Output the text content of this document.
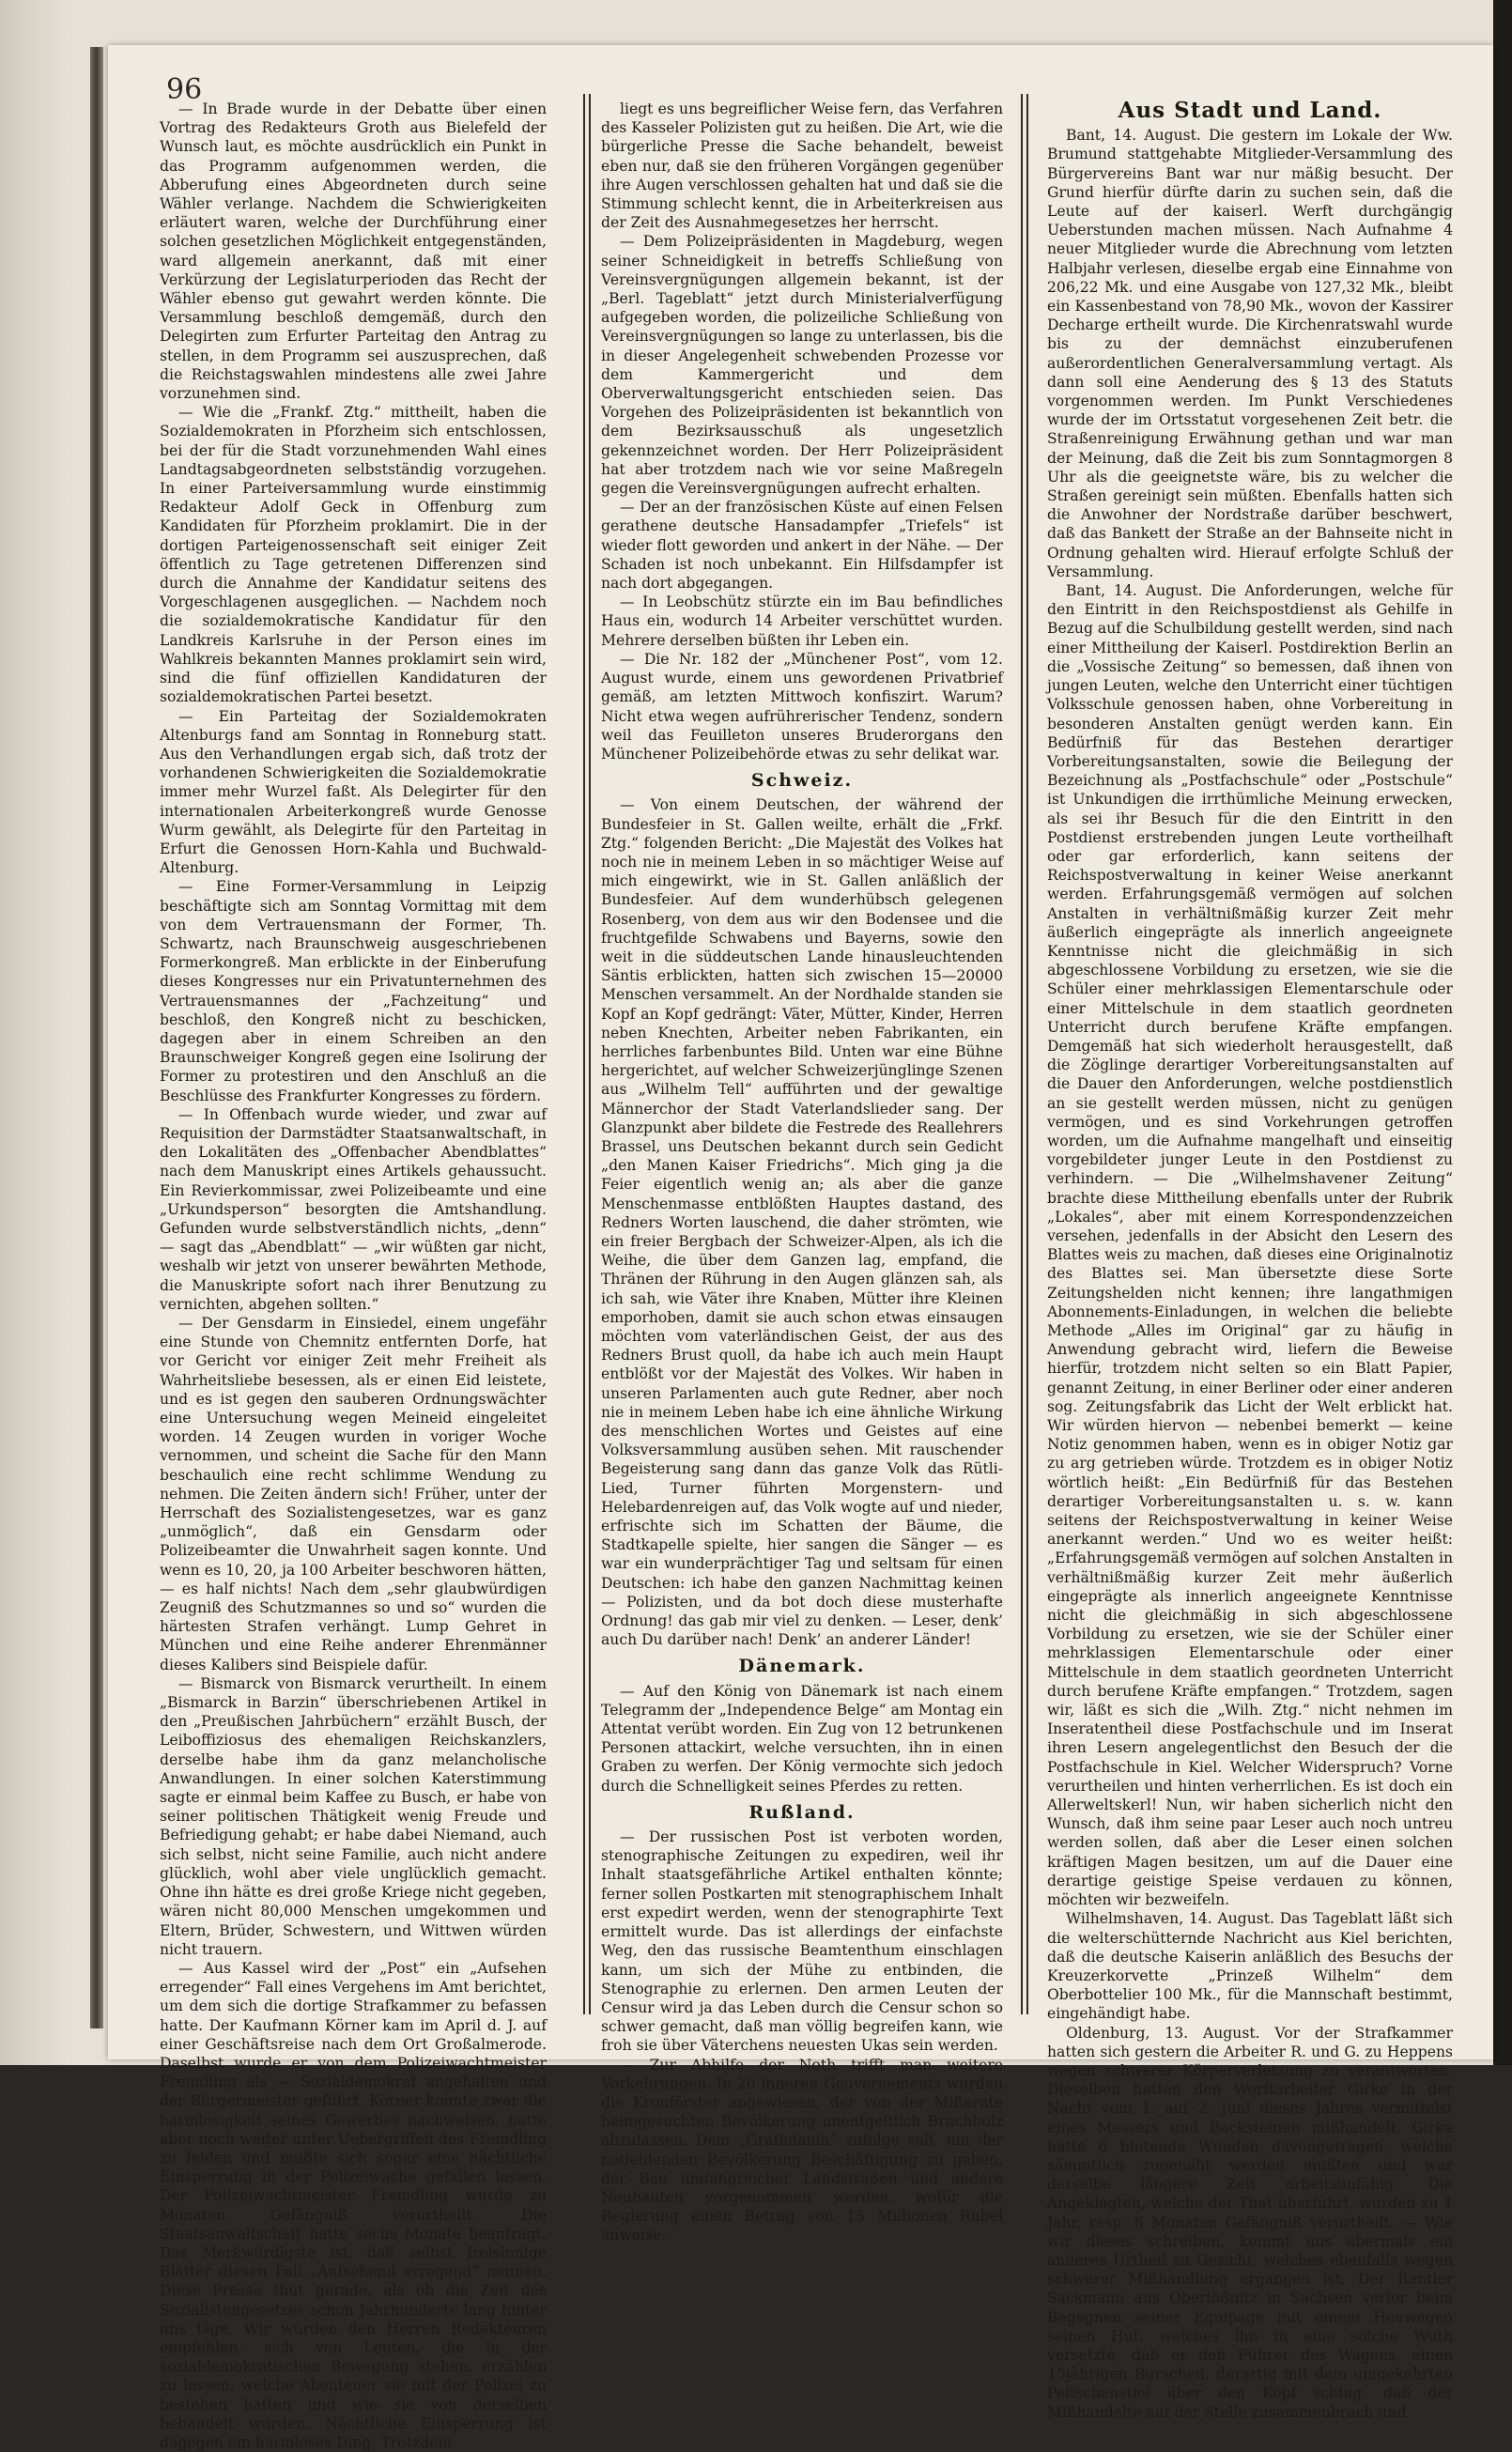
96

— In Brade wurde in der Debatte über einen Vortrag des Redakteurs Groth aus Bielefeld der Wunsch laut, es möchte ausdrücklich ein Punkt in das Programm aufgenommen werden, die Abberufung eines Abgeordneten durch seine Wähler verlange. Nachdem die Schwierigkeiten erläutert waren, welche der Durchführung einer solchen gesetzlichen Möglichkeit entgegenständen, ward allgemein anerkannt, daß mit einer Verkürzung der Legislaturperioden das Recht der Wähler ebenso gut gewahrt werden könnte. Die Versammlung beschloß demgemäß, durch den Delegirten zum Erfurter Parteitag den Antrag zu stellen, in dem Programm sei auszusprechen, daß die Reichstagswahlen mindestens alle zwei Jahre vorzunehmen sind.

— Wie die „Frankf. Ztg.“ mittheilt, haben die Sozialdemokraten in Pforzheim sich entschlossen, bei der für die Stadt vorzunehmenden Wahl eines Landtagsabgeordneten selbstständig vorzugehen. In einer Parteiversammlung wurde einstimmig Redakteur Adolf Geck in Offenburg zum Kandidaten für Pforzheim proklamirt. Die in der dortigen Parteigenossenschaft seit einiger Zeit öffentlich zu Tage getretenen Differenzen sind durch die Annahme der Kandidatur seitens des Vorgeschlagenen ausgeglichen. — Nachdem noch die sozialdemokratische Kandidatur für den Landkreis Karlsruhe in der Person eines im Wahlkreis bekannten Mannes proklamirt sein wird, sind die fünf offiziellen Kandidaturen der sozialdemokratischen Partei besetzt.

— Ein Parteitag der Sozialdemokraten Altenburgs fand am Sonntag in Ronneburg statt. Aus den Verhandlungen ergab sich, daß trotz der vorhandenen Schwierigkeiten die Sozialdemokratie immer mehr Wurzel faßt. Als Delegirter für den internationalen Arbeiterkongreß wurde Genosse Wurm gewählt, als Delegirte für den Parteitag in Erfurt die Genossen Horn-Kahla und Buchwald-Altenburg.

— Eine Former-Versammlung in Leipzig beschäftigte sich am Sonntag Vormittag mit dem von dem Vertrauensmann der Former, Th. Schwartz, nach Braunschweig ausgeschriebenen Formerkongreß. Man erblickte in der Einberufung dieses Kongresses nur ein Privatunternehmen des Vertrauensmannes der „Fachzeitung“ und beschloß, den Kongreß nicht zu beschicken, dagegen aber in einem Schreiben an den Braunschweiger Kongreß gegen eine Isolirung der Former zu protestiren und den Anschluß an die Beschlüsse des Frankfurter Kongresses zu fördern.

— In Offenbach wurde wieder, und zwar auf Requisition der Darmstädter Staatsanwaltschaft, in den Lokalitäten des „Offenbacher Abendblattes“ nach dem Manuskript eines Artikels gehaussucht. Ein Revierkommissar, zwei Polizeibeamte und eine „Urkundsperson“ besorgten die Amtshandlung. Gefunden wurde selbstverständlich nichts, „denn“ — sagt das „Abendblatt“ — „wir wüßten gar nicht, weshalb wir jetzt von unserer bewährten Methode, die Manuskripte sofort nach ihrer Benutzung zu vernichten, abgehen sollten.“

— Der Gensdarm in Einsiedel, einem ungefähr eine Stunde von Chemnitz entfernten Dorfe, hat vor Gericht vor einiger Zeit mehr Freiheit als Wahrheitsliebe besessen, als er einen Eid leistete, und es ist gegen den sauberen Ordnungswächter eine Untersuchung wegen Meineid eingeleitet worden. 14 Zeugen wurden in voriger Woche vernommen, und scheint die Sache für den Mann beschaulich eine recht schlimme Wendung zu nehmen. Die Zeiten ändern sich! Früher, unter der Herrschaft des Sozialistengesetzes, war es ganz „unmöglich“, daß ein Gensdarm oder Polizeibeamter die Unwahrheit sagen konnte. Und wenn es 10, 20, ja 100 Arbeiter beschworen hätten, — es half nichts! Nach dem „sehr glaubwürdigen Zeugniß des Schutzmannes so und so“ wurden die härtesten Strafen verhängt. Lump Gehret in München und eine Reihe anderer Ehrenmänner dieses Kalibers sind Beispiele dafür.

— Bismarck von Bismarck verurtheilt. In einem „Bismarck in Barzin“ überschriebenen Artikel in den „Preußischen Jahrbüchern“ erzählt Busch, der Leiboffiziosus des ehemaligen Reichskanzlers, derselbe habe ihm da ganz melancholische Anwandlungen. In einer solchen Katerstimmung sagte er einmal beim Kaffee zu Busch, er habe von seiner politischen Thätigkeit wenig Freude und Befriedigung gehabt; er habe dabei Niemand, auch sich selbst, nicht seine Familie, auch nicht andere glücklich, wohl aber viele unglücklich gemacht. Ohne ihn hätte es drei große Kriege nicht gegeben, wären nicht 80,000 Menschen umgekommen und Eltern, Brüder, Schwestern, und Wittwen würden nicht trauern.

— Aus Kassel wird der „Post“ ein „Aufsehen erregender“ Fall eines Vergehens im Amt berichtet, um dem sich die dortige Strafkammer zu befassen hatte. Der Kaufmann Körner kam im April d. J. auf einer Geschäftsreise nach dem Ort Großalmerode. Daselbst wurde er von dem Polizeiwachtmeister Fremdling als — Sozialdemokrat angehalten und der Bürgermeister geführt. Körner konnte zwar die harmlosigkeit seines Gewerbes nachweisen, hatte aber noch weiter unter Uebergriffen des Fremdling zu leiden und mußte sich sogar eine nächtliche Einsperrung in der Polizeiwache gefallen lassen. Der Polizeiwachtmeister Fremdling wurde zu Monaten Gefängniß verurtheilt. Die Staatsanwaltschaft hatte sechs Monate beantragt. Das Merkwürdigste ist, daß selbst freisinnige Blätter diesen Fall „Aufsehend erregend“ nennen. Diese Presse thut gerade, als ob die Zeit des Sozialistengesetzes schon Jahrhunderte lang hinter uns läge. Wir würden den Herren Redakteuren empfehlen, sich von Leuten, die in der sozialdemokratischen Bewegung stehen, erzählen zu lassen, welche Abenteuer sie mit der Polizei zu bestehen hatten und wie sie von derselben behandelt wurden. Nächtliche Einsperrung ist dagegen ein harmloses Ding. Trotzdem

liegt es uns begreiflicher Weise fern, das Verfahren des Kasseler Polizisten gut zu heißen. Die Art, wie die bürgerliche Presse die Sache behandelt, beweist eben nur, daß sie den früheren Vorgängen gegenüber ihre Augen verschlossen gehalten hat und daß sie die Stimmung schlecht kennt, die in Arbeiterkreisen aus der Zeit des Ausnahmegesetzes her herrscht.

— Dem Polizeipräsidenten in Magdeburg, wegen seiner Schneidigkeit in betreffs Schließung von Vereinsvergnügungen allgemein bekannt, ist der „Berl. Tageblatt“ jetzt durch Ministerialverfügung aufgegeben worden, die polizeiliche Schließung von Vereinsvergnügungen so lange zu unterlassen, bis die in dieser Angelegenheit schwebenden Prozesse vor dem Kammergericht und dem Oberverwaltungsgericht entschieden seien. Das Vorgehen des Polizeipräsidenten ist bekanntlich von dem Bezirksausschuß als ungesetzlich gekennzeichnet worden. Der Herr Polizeipräsident hat aber trotzdem nach wie vor seine Maßregeln gegen die Vereinsvergnügungen aufrecht erhalten.

— Der an der französischen Küste auf einen Felsen gerathene deutsche Hansadampfer „Triefels“ ist wieder flott geworden und ankert in der Nähe. — Der Schaden ist noch unbekannt. Ein Hilfsdampfer ist nach dort abgegangen.

— In Leobschütz stürzte ein im Bau befindliches Haus ein, wodurch 14 Arbeiter verschüttet wurden. Mehrere derselben büßten ihr Leben ein.

— Die Nr. 182 der „Münchener Post“, vom 12. August wurde, einem uns gewordenen Privatbrief gemäß, am letzten Mittwoch konfiszirt. Warum? Nicht etwa wegen aufrührerischer Tendenz, sondern weil das Feuilleton unseres Bruderorgans den Münchener Polizeibehörde etwas zu sehr delikat war.

Schweiz.

— Von einem Deutschen, der während der Bundesfeier in St. Gallen weilte, erhält die „Frkf. Ztg.“ folgenden Bericht: „Die Majestät des Volkes hat noch nie in meinem Leben in so mächtiger Weise auf mich eingewirkt, wie in St. Gallen anläßlich der Bundesfeier. Auf dem wunderhübsch gelegenen Rosenberg, von dem aus wir den Bodensee und die fruchtgefilde Schwabens und Bayerns, sowie den weit in die süddeutschen Lande hinausleuchtenden Säntis erblickten, hatten sich zwischen 15—20000 Menschen versammelt. An der Nordhalde standen sie Kopf an Kopf gedrängt: Väter, Mütter, Kinder, Herren neben Knechten, Arbeiter neben Fabrikanten, ein herrliches farbenbuntes Bild. Unten war eine Bühne hergerichtet, auf welcher Schweizerjünglinge Szenen aus „Wilhelm Tell“ aufführten und der gewaltige Männerchor der Stadt Vaterlandslieder sang. Der Glanzpunkt aber bildete die Festrede des Reallehrers Brassel, uns Deutschen bekannt durch sein Gedicht „den Manen Kaiser Friedrichs“. Mich ging ja die Feier eigentlich wenig an; als aber die ganze Menschenmasse entblößten Hauptes dastand, des Redners Worten lauschend, die daher strömten, wie ein freier Bergbach der Schweizer-Alpen, als ich die Weihe, die über dem Ganzen lag, empfand, die Thränen der Rührung in den Augen glänzen sah, als ich sah, wie Väter ihre Knaben, Mütter ihre Kleinen emporhoben, damit sie auch schon etwas einsaugen möchten vom vaterländischen Geist, der aus des Redners Brust quoll, da habe ich auch mein Haupt entblößt vor der Majestät des Volkes. Wir haben in unseren Parlamenten auch gute Redner, aber noch nie in meinem Leben habe ich eine ähnliche Wirkung des menschlichen Wortes und Geistes auf eine Volksversammlung ausüben sehen. Mit rauschender Begeisterung sang dann das ganze Volk das Rütli-Lied, Turner führten Morgenstern- und Helebardenreigen auf, das Volk wogte auf und nieder, erfrischte sich im Schatten der Bäume, die Stadtkapelle spielte, hier sangen die Sänger — es war ein wunderprächtiger Tag und seltsam für einen Deutschen: ich habe den ganzen Nachmittag keinen — Polizisten, und da bot doch diese musterhafte Ordnung! das gab mir viel zu denken. — Leser, denk’ auch Du darüber nach! Denk’ an anderer Länder!

Dänemark.

— Auf den König von Dänemark ist nach einem Telegramm der „Independence Belge“ am Montag ein Attentat verübt worden. Ein Zug von 12 betrunkenen Personen attackirt, welche versuchten, ihn in einen Graben zu werfen. Der König vermochte sich jedoch durch die Schnelligkeit seines Pferdes zu retten.

Rußland.

— Der russischen Post ist verboten worden, stenographische Zeitungen zu expediren, weil ihr Inhalt staatsgefährliche Artikel enthalten könnte; ferner sollen Postkarten mit stenographischem Inhalt erst expedirt werden, wenn der stenographirte Text ermittelt wurde. Das ist allerdings der einfachste Weg, den das russische Beamtenthum einschlagen kann, um sich der Mühe zu entbinden, die Stenographie zu erlernen. Den armen Leuten der Censur wird ja das Leben durch die Censur schon so schwer gemacht, daß man völlig begreifen kann, wie froh sie über Väterchens neuesten Ukas sein werden.

— Zur Abhilfe der Noth trifft man weitere Vorkehrungen. In 20 inneren Gouvernements wurden die Kronförster angewiesen, der von der Mißernte heimgesuchten Bevölkerung unentgeltlich Bruchholz abzulassen. Dem „Grafhdanin“ zufolge soll, um der notleidenden Bevölkerung Beschäftigung zu geben, der Bau umfangreicher Landstraßen und andere Neubauten vorgenommen werden, wofür die Regierung einen Betrag von 15 Millionen Rubel anweise.

Aus Stadt und Land.

Bant, 14. August. Die gestern im Lokale der Ww. Brumund stattgehabte Mitglieder-Versammlung des Bürgervereins Bant war nur mäßig besucht. Der Grund hierfür dürfte darin zu suchen sein, daß die Leute auf der kaiserl. Werft durchgängig Ueberstunden machen müssen. Nach Aufnahme 4 neuer Mitglieder wurde die Abrechnung vom letzten Halbjahr verlesen, dieselbe ergab eine Einnahme von 206,22 Mk. und eine Ausgabe von 127,32 Mk., bleibt ein Kassenbestand von 78,90 Mk., wovon der Kassirer Decharge ertheilt wurde. Die Kirchenratswahl wurde bis zu der demnächst einzuberufenen außerordentlichen Generalversammlung vertagt. Als dann soll eine Aenderung des § 13 des Statuts vorgenommen werden. Im Punkt Verschiedenes wurde der im Ortsstatut vorgesehenen Zeit betr. die Straßenreinigung Erwähnung gethan und war man der Meinung, daß die Zeit bis zum Sonntagmorgen 8 Uhr als die geeignetste wäre, bis zu welcher die Straßen gereinigt sein müßten. Ebenfalls hatten sich die Anwohner der Nordstraße darüber beschwert, daß das Bankett der Straße an der Bahnseite nicht in Ordnung gehalten wird. Hierauf erfolgte Schluß der Versammlung.

Bant, 14. August. Die Anforderungen, welche für den Eintritt in den Reichspostdienst als Gehilfe in Bezug auf die Schulbildung gestellt werden, sind nach einer Mittheilung der Kaiserl. Postdirektion Berlin an die „Vossische Zeitung“ so bemessen, daß ihnen von jungen Leuten, welche den Unterricht einer tüchtigen Volksschule genossen haben, ohne Vorbereitung in besonderen Anstalten genügt werden kann. Ein Bedürfniß für das Bestehen derartiger Vorbereitungsanstalten, sowie die Beilegung der Bezeichnung als „Postfachschule“ oder „Postschule“ ist Unkundigen die irrthümliche Meinung erwecken, als sei ihr Besuch für die den Eintritt in den Postdienst erstrebenden jungen Leute vortheilhaft oder gar erforderlich, kann seitens der Reichspostverwaltung in keiner Weise anerkannt werden. Erfahrungsgemäß vermögen auf solchen Anstalten in verhältnißmäßig kurzer Zeit mehr äußerlich eingeprägte als innerlich angeeignete Kenntnisse nicht die gleichmäßig in sich abgeschlossene Vorbildung zu ersetzen, wie sie die Schüler einer mehrklassigen Elementarschule oder einer Mittelschule in dem staatlich geordneten Unterricht durch berufene Kräfte empfangen. Demgemäß hat sich wiederholt herausgestellt, daß die Zöglinge derartiger Vorbereitungsanstalten auf die Dauer den Anforderungen, welche postdienstlich an sie gestellt werden müssen, nicht zu genügen vermögen, und es sind Vorkehrungen getroffen worden, um die Aufnahme mangelhaft und einseitig vorgebildeter junger Leute in den Postdienst zu verhindern. — Die „Wilhelmshavener Zeitung“ brachte diese Mittheilung ebenfalls unter der Rubrik „Lokales“, aber mit einem Korrespondenzzeichen versehen, jedenfalls in der Absicht den Lesern des Blattes weis zu machen, daß dieses eine Originalnotiz des Blattes sei. Man übersetzte diese Sorte Zeitungshelden nicht kennen; ihre langathmigen Abonnements-Einladungen, in welchen die beliebte Methode „Alles im Original“ gar zu häufig in Anwendung gebracht wird, liefern die Beweise hierfür, trotzdem nicht selten so ein Blatt Papier, genannt Zeitung, in einer Berliner oder einer anderen sog. Zeitungsfabrik das Licht der Welt erblickt hat. Wir würden hiervon — nebenbei bemerkt — keine Notiz genommen haben, wenn es in obiger Notiz gar zu arg getrieben würde. Trotzdem es in obiger Notiz wörtlich heißt: „Ein Bedürfniß für das Bestehen derartiger Vorbereitungsanstalten u. s. w. kann seitens der Reichspostverwaltung in keiner Weise anerkannt werden.“ Und wo es weiter heißt: „Erfahrungsgemäß vermögen auf solchen Anstalten in verhältnißmäßig kurzer Zeit mehr äußerlich eingeprägte als innerlich angeeignete Kenntnisse nicht die gleichmäßig in sich abgeschlossene Vorbildung zu ersetzen, wie sie der Schüler einer mehrklassigen Elementarschule oder einer Mittelschule in dem staatlich geordneten Unterricht durch berufene Kräfte empfangen.“ Trotzdem, sagen wir, läßt es sich die „Wilh. Ztg.“ nicht nehmen im Inseratentheil diese Postfachschule und im Inserat ihren Lesern angelegentlichst den Besuch der die Postfachschule in Kiel. Welcher Widerspruch? Vorne verurtheilen und hinten verherrlichen. Es ist doch ein Allerweltskerl! Nun, wir haben sicherlich nicht den Wunsch, daß ihm seine paar Leser auch noch untreu werden sollen, daß aber die Leser einen solchen kräftigen Magen besitzen, um auf die Dauer eine derartige geistige Speise verdauen zu können, möchten wir bezweifeln.

Wilhelmshaven, 14. August. Das Tageblatt läßt sich die welterschütternde Nachricht aus Kiel berichten, daß die deutsche Kaiserin anläßlich des Besuchs der Kreuzerkorvette „Prinzeß Wilhelm“ dem Oberbottelier 100 Mk., für die Mannschaft bestimmt, eingehändigt habe.

Oldenburg, 13. August. Vor der Strafkammer hatten sich gestern die Arbeiter R. und G. zu Heppens wegen schwerer Körperverletzung zu verantworten. Dieselben hatten den Werftarbeiter Girke in der Nacht vom 1. auf 2. Juni dieses Jahres vermittelst eines Messers und Backsteinen mißhandelt. Girke hatte 6 blutende Wunden davongetragen, welche sämmtlich zugenäht werden mußten und war derselbe längere Zeit arbeitsunfähig. Die Angeklagten, welche der That überführt, wurden zu 1 Jahr, resp. 6 Monaten Gefängniß verurtheilt. — Wie wir dieses schreiben, kommt uns abermals ein anderes Urtheil zu Gesicht, welches ebenfalls wegen schwerer Mißhandlung ergangen ist. Der Rentier Sackmann aus Oberlößnitz in Sachsen verlor beim Begegnen seiner Equipage mit einem Heuwagen seinen Hut, welches ihn in eine solche Wuth versetzte, daß er den Führer des Wagens, einen 15jährigen Burschen, derartig mit dem umgekehrten Peitschenstiel über den Kopf schlug, daß der Mißhandelte auf der Stelle zusammenbrach und
